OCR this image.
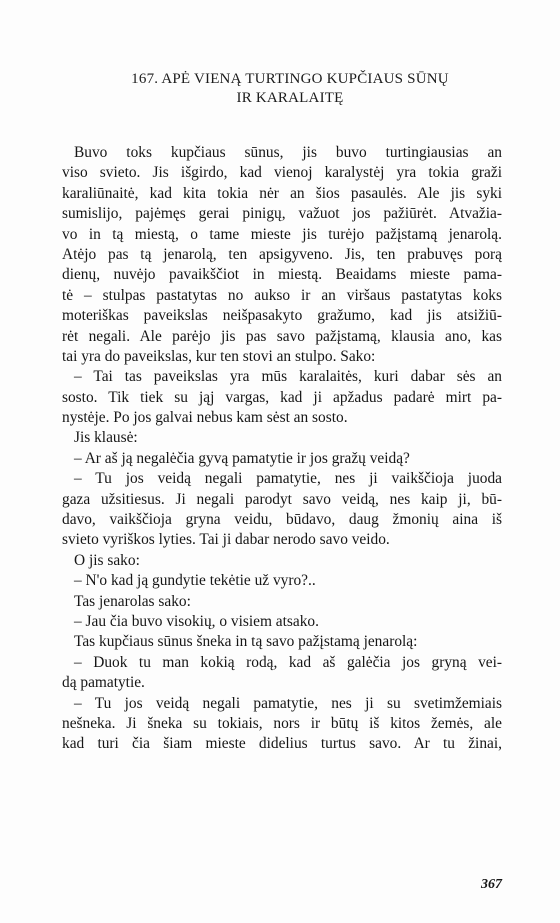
167. APĖ VIENĄ TURTINGO KUPČIAUS SŪNŲ
IR KARALAITĘ
Buvo toks kupčiaus sūnus, jis buvo turtingiausias an
viso svieto. Jis išgirdo, kad vienoj karalystėj yra tokia graži
karaliūnaitė, kad kita tokia nėr an šios pasaulės. Ale jis syki
sumislijo, pajėmęs gerai pinigų, važuot jos pažiūrėt. Atvažia-
vo in tą miestą, o tame mieste jis turėjo pažįstamą jenarolą.
Atėjo pas tą jenarolą, ten apsigyveno. Jis, ten prabuvęs porą
dienų, nuvėjo pavaikščiot in miestą. Beaidams mieste pama-
tė – stulpas pastatytas no aukso ir an viršaus pastatytas koks
moteriškas paveikslas neišpasakyto gražumo, kad jis atsižiū-
rėt negali. Ale parėjo jis pas savo pažįstamą, klausia ano, kas
tai yra do paveikslas, kur ten stovi an stulpo. Sako:
– Tai tas paveikslas yra mūs karalaitės, kuri dabar sės an
sosto. Tik tiek su jąj vargas, kad ji apžadus padarė mirt pa-
nystėje. Po jos galvai nebus kam sėst an sosto.
Jis klausė:
– Ar aš ją negalėčia gyvą pamatytie ir jos gražų veidą?
– Tu jos veidą negali pamatytie, nes ji vaikščioja juoda
gaza užsitiesus. Ji negali parodyt savo veidą, nes kaip ji, bū-
davo, vaikščioja gryna veidu, būdavo, daug žmonių aina iš
svieto vyriškos lyties. Tai ji dabar nerodo savo veido.
O jis sako:
– N'o kad ją gundytie tekėtie už vyro?..
Tas jenarolas sako:
– Jau čia buvo visokių, o visiem atsako.
Tas kupčiaus sūnus šneka in tą savo pažįstamą jenarolą:
– Duok tu man kokią rodą, kad aš galėčia jos gryną vei-
dą pamatytie.
– Tu jos veidą negali pamatytie, nes ji su svetimžemiais
nešneka. Ji šneka su tokiais, nors ir būtų iš kitos žemės, ale
kad turi čia šiam mieste didelius turtus savo. Ar tu žinai,
367
